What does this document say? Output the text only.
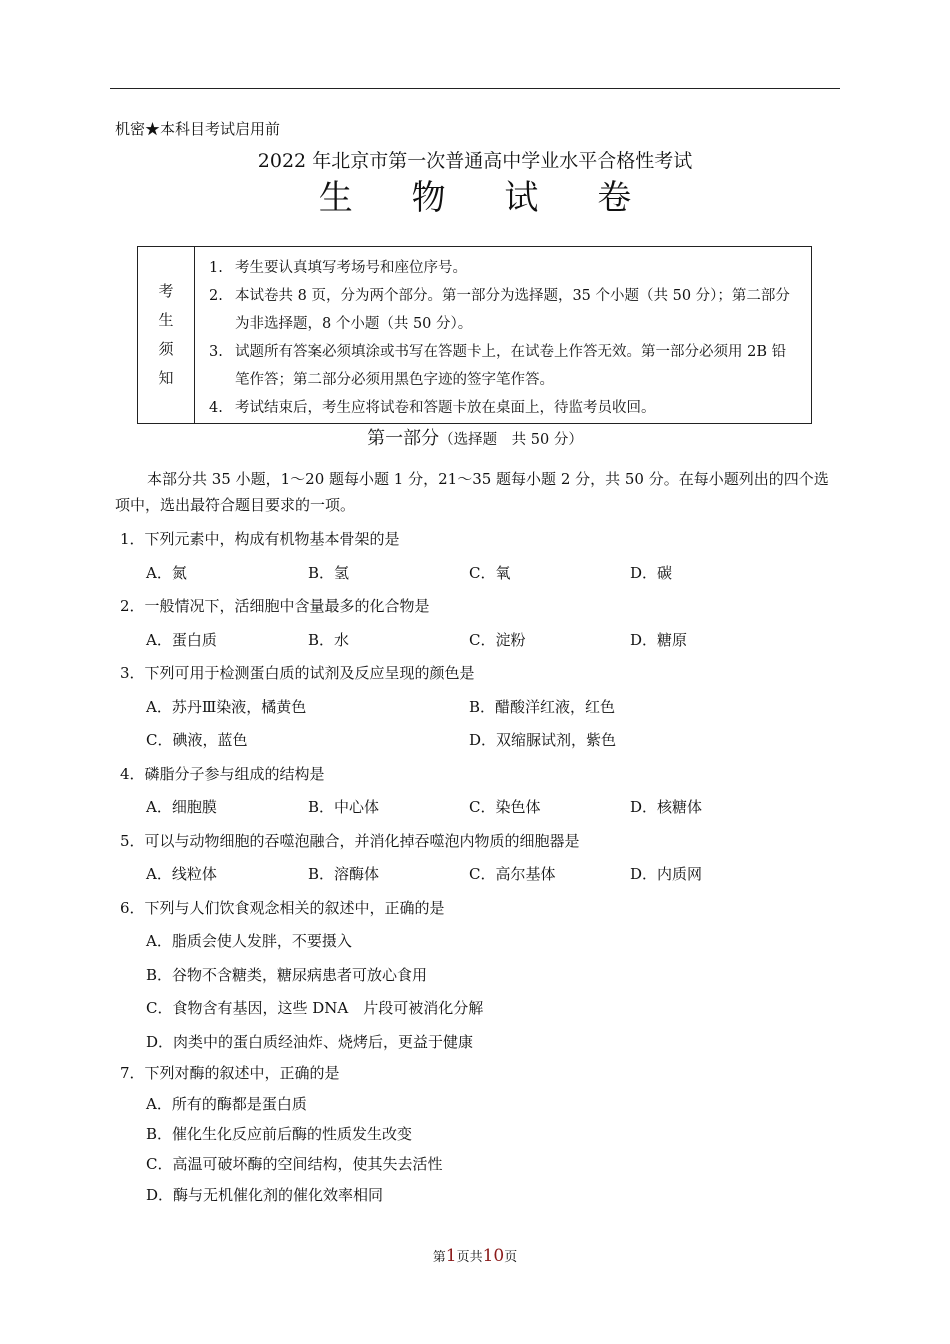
机密★本科目考试启用前
2022 年北京市第一次普通高中学业水平合格性考试
生 物 试 卷
考
生
须
知
1. 考生要认真填写考场号和座位序号。
2. 本试卷共 8 页，分为两个部分。第一部分为选择题，35 个小题（共 50 分）；第二部分为非选择题，8 个小题（共 50 分）。
3. 试题所有答案必须填涂或书写在答题卡上，在试卷上作答无效。第一部分必须用 2B 铅笔作答；第二部分必须用黑色字迹的签字笔作答。
4. 考试结束后，考生应将试卷和答题卡放在桌面上，待监考员收回。
第一部分（选择题　共 50 分）
本部分共 35 小题，1～20 题每小题 1 分，21～35 题每小题 2 分，共 50 分。在每小题列出的四个选项中，选出最符合题目要求的一项。
1．下列元素中，构成有机物基本骨架的是
A．氮	B．氢	C．氧	D．碳
2．一般情况下，活细胞中含量最多的化合物是
A．蛋白质	B．水	C．淀粉	D．糖原
3．下列可用于检测蛋白质的试剂及反应呈现的颜色是
A．苏丹Ⅲ染液，橘黄色	B．醋酸洋红液，红色
C．碘液，蓝色	D．双缩脲试剂，紫色
4．磷脂分子参与组成的结构是
A．细胞膜	B．中心体	C．染色体	D．核糖体
5．可以与动物细胞的吞噬泡融合，并消化掉吞噬泡内物质的细胞器是
A．线粒体	B．溶酶体	C．高尔基体	D．内质网
6．下列与人们饮食观念相关的叙述中，正确的是
A．脂质会使人发胖，不要摄入
B．谷物不含糖类，糖尿病患者可放心食用
C．食物含有基因，这些 DNA　片段可被消化分解
D．肉类中的蛋白质经油炸、烧烤后，更益于健康
7．下列对酶的叙述中，正确的是
A．所有的酶都是蛋白质
B．催化生化反应前后酶的性质发生改变
C．高温可破坏酶的空间结构，使其失去活性
D．酶与无机催化剂的催化效率相同
第1页共10页
